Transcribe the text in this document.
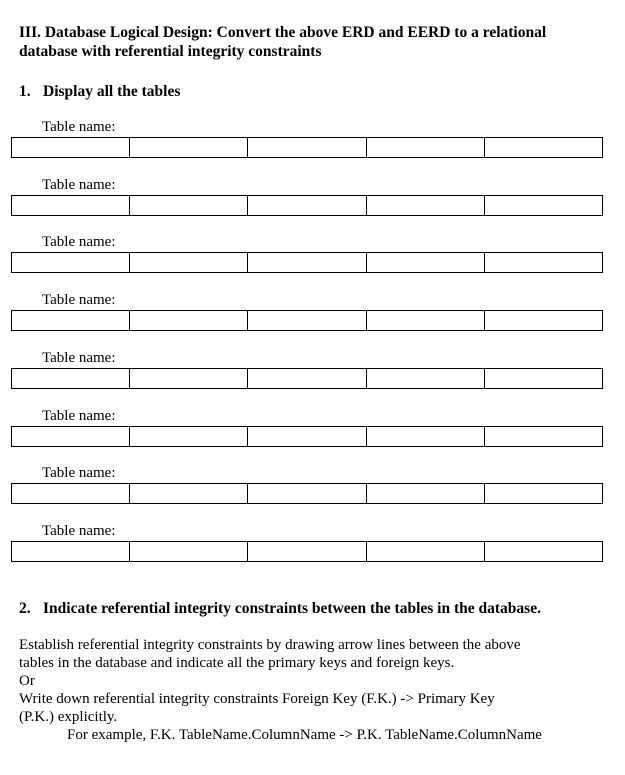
III. Database Logical Design: Convert the above ERD and EERD to a relational
database with referential integrity constraints
1. Display all the tables
Table name:
Table name:
Table name:
Table name:
Table name:
Table name:
Table name:
Table name:
2. Indicate referential integrity constraints between the tables in the database.
Establish referential integrity constraints by drawing arrow lines between the above
tables in the database and indicate all the primary keys and foreign keys.
Or
Write down referential integrity constraints Foreign Key (F.K.) -> Primary Key
(P.K.) explicitly.
For example, F.K. TableName.ColumnName -> P.K. TableName.ColumnName
